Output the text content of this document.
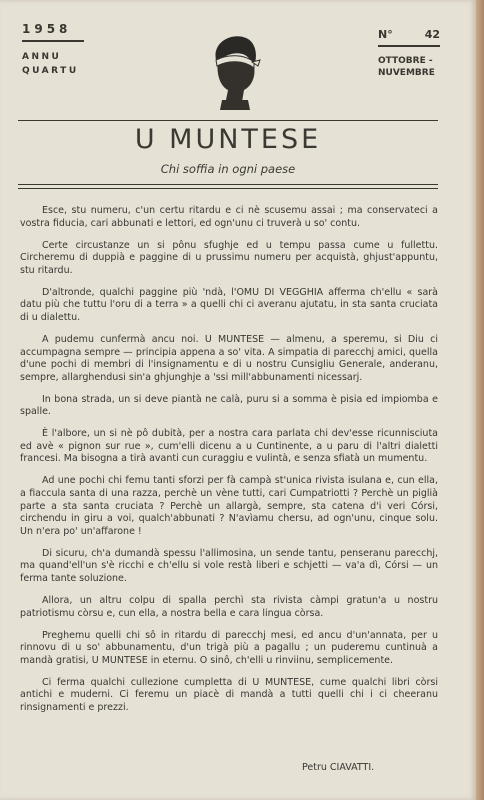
1958
ANNU
QUARTU
N°	42
OTTOBRE -
NUVEMBRE
U MUNTESE
Chi soffia in ogni paese

Esce, stu numeru, c'un certu ritardu e ci nè scusemu assai ; ma conservateci a vostra fiducia, cari abbunati e lettori, ed ogn'unu ci truverà u so' contu.

Certe circustanze un si pônu sfughje ed u tempu passa cume u fullettu. Circheremu di duppià e paggine di u prussimu numeru per acquistà, ghjust'appuntu, stu ritardu.

D'altronde, qualchi paggine più 'ndà, l'OMU DI VEGGHIA afferma ch'ellu « sarà datu più che tuttu l'oru di a terra » a quelli chi ci averanu ajutatu, in sta santa cruciata di u dialettu.

A pudemu cunfermà ancu noi. U MUNTESE — almenu, a speremu, si Diu ci accumpagna sempre — principia appena a so' vita. A simpatia di parecchj amici, quella d'une pochi di membri di l'insignamentu e di u nostru Cunsigliu Generale, anderanu, sempre, allarghendusi sin'a ghjunghje a 'ssi mill'abbunamenti nicessarj.

In bona strada, un si deve piantà ne calà, puru si a somma è pisia ed impiomba e spalle.

È l'albore, un si nè pô dubità, per a nostra cara parlata chi dev'esse ricunnisciuta ed avè « pignon sur rue », cum'elli dicenu a u Cuntinente, a u paru di l'altri dialetti francesi. Ma bisogna a tirà avanti cun curaggiu e vulintà, e senza sfiatà un mumentu.

Ad une pochi chi femu tanti sforzi per fà campà st'unica rivista isulana e, cun ella, a fiaccula santa di una razza, perchè un vène tutti, cari Cumpatriotti ? Perchè un piglià parte a sta santa cruciata ? Perchè un allargà, sempre, sta catena d'i veri Córsi, circhendu in giru a voi, qualch'abbunati ? N'avìamu chersu, ad ogn'unu, cinque solu. Un n'era po' un'affarone !

Di sicuru, ch'a dumandà spessu l'allimosina, un sende tantu, penseranu parecchj, ma quand'ell'un s'è ricchi e ch'ellu si vole restà liberi e schjetti — va'a dì, Córsi — un ferma tante soluzione.

Allora, un altru colpu di spalla perchì sta rivista càmpi gratun'a u nostru patriotismu còrsu e, cun ella, a nostra bella e cara lingua còrsa.

Preghemu quelli chi sô in ritardu di parecchj mesi, ed ancu d'un'annata, per u rinnovu di u so' abbunamentu, d'un trigà più a pagallu ; un puderemu cuntinuà a mandà gratisi, U MUNTESE in eternu. O sinô, ch'elli u rinviinu, semplicemente.

Ci ferma qualchi cullezione cumpletta di U MUNTESE, cume qualchi libri còrsi antichi e muderni. Ci feremu un piacè di mandà a tutti quelli chi i ci cheeranu rinsignamenti e prezzi.

Petru CIAVATTI.
